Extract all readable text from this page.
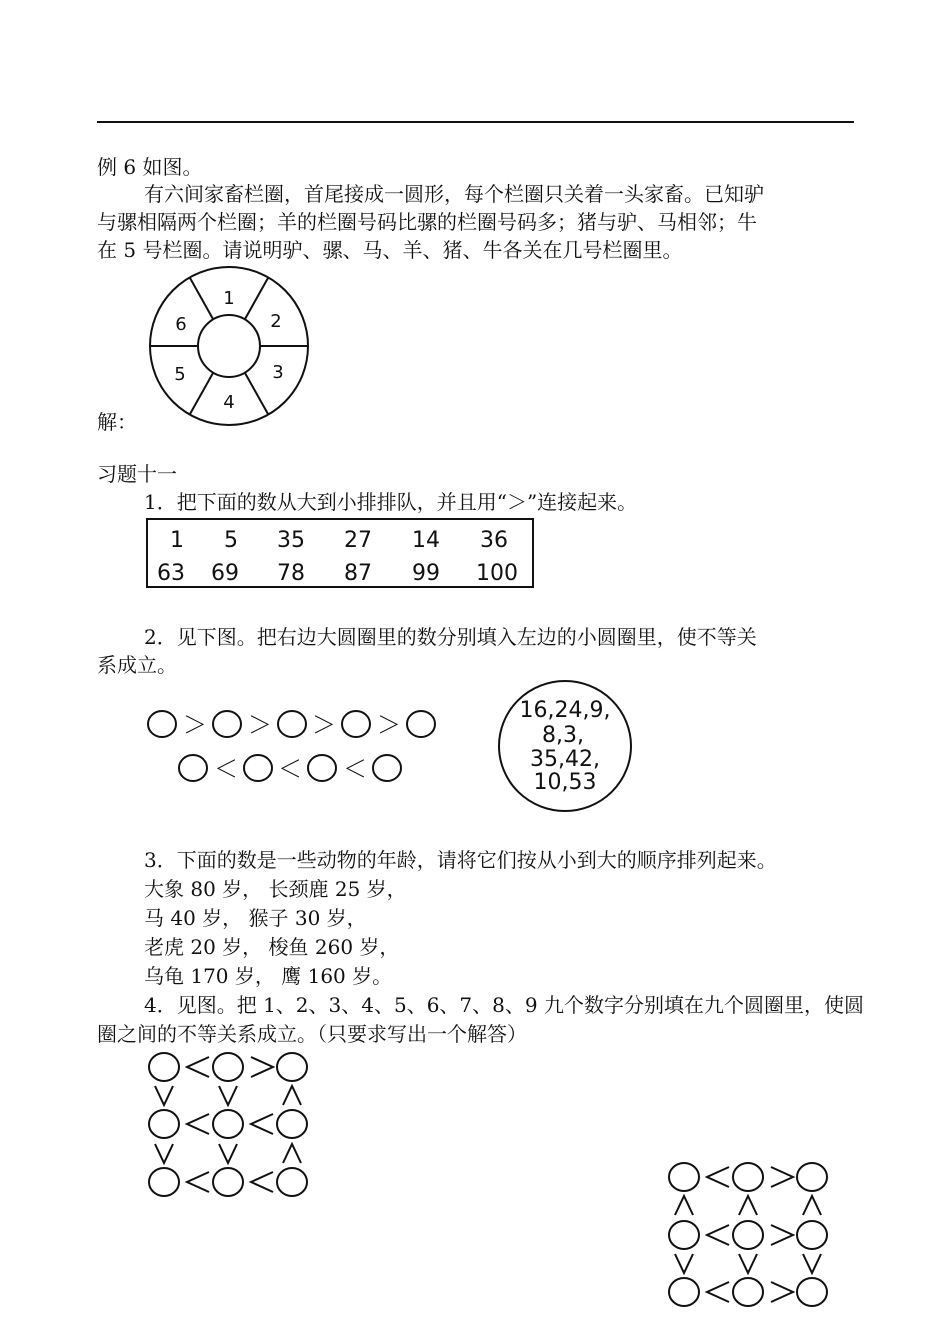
例 6 如图。
有六间家畜栏圈，首尾接成一圆形，每个栏圈只关着一头家畜。已知驴
与骡相隔两个栏圈；羊的栏圈号码比骡的栏圈号码多；猪与驴、马相邻；牛
在 5 号栏圈。请说明驴、骡、马、羊、猪、牛各关在几号栏圈里。
1
2
3
4
5
6
解：
习题十一
1．把下面的数从大到小排排队，并且用“＞”连接起来。
1 5 35 27 14 36
63 69 78 87 99 100
2．见下图。把右边大圆圈里的数分别填入左边的小圆圈里，使不等关
系成立。
＞ ＞ ＞ ＞
＜ ＜ ＜
16,24,9,
8,3,
35,42,
10,53
3．下面的数是一些动物的年龄，请将它们按从小到大的顺序排列起来。
大象 80 岁， 长颈鹿 25 岁，
马 40 岁， 猴子 30 岁，
老虎 20 岁， 梭鱼 260 岁，
乌龟 170 岁， 鹰 160 岁。
4．见图。把 1、2、3、4、5、6、7、8、9 九个数字分别填在九个圆圈里，使圆
圈之间的不等关系成立。（只要求写出一个解答）
